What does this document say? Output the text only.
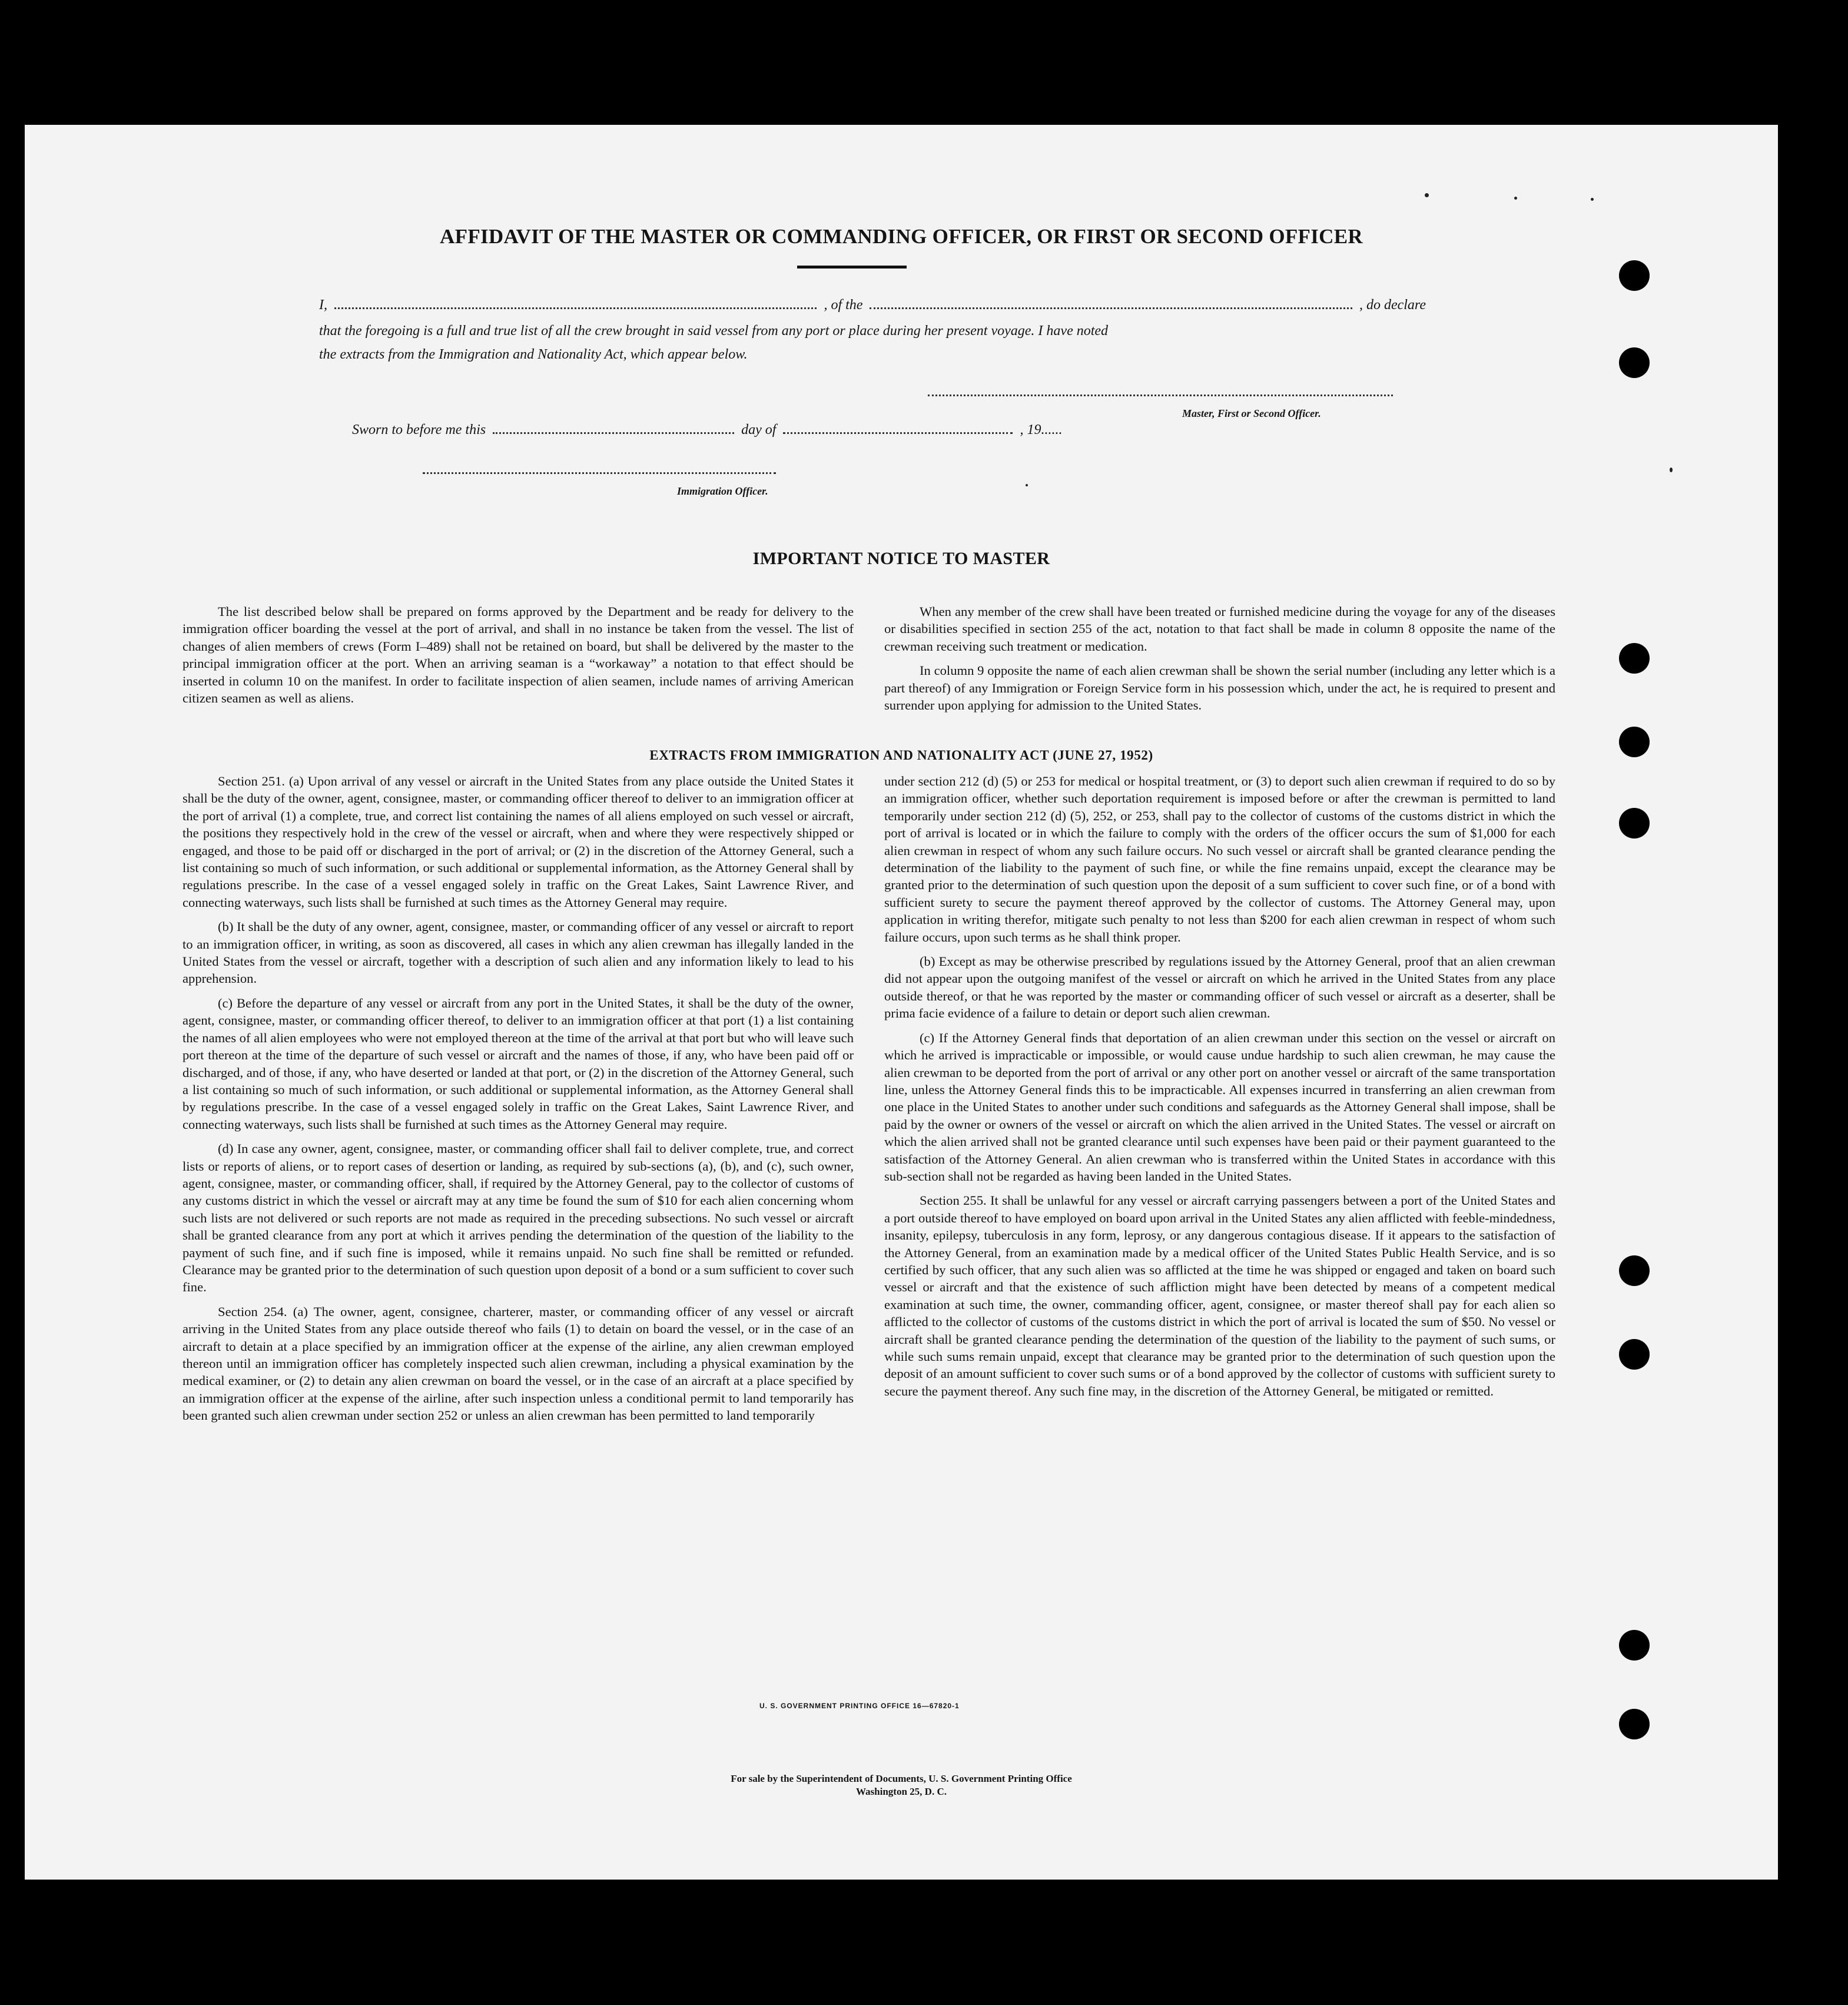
AFFIDAVIT OF THE MASTER OR COMMANDING OFFICER, OR FIRST OR SECOND OFFICER
I,	, of the	, do declare
that the foregoing is a full and true list of all the crew brought in said vessel from any port or place during her present voyage. I have noted
the extracts from the Immigration and Nationality Act, which appear below.
Master, First or Second Officer.
Sworn to before me this	day of	, 19......
Immigration Officer.
IMPORTANT NOTICE TO MASTER

The list described below shall be prepared on forms approved by the Department and be ready for delivery to the immigration officer boarding the vessel at the port of arrival, and shall in no instance be taken from the vessel. The list of changes of alien members of crews (Form I–489) shall not be retained on board, but shall be delivered by the master to the principal immigration officer at the port. When an arriving seaman is a “workaway” a notation to that effect should be inserted in column 10 on the manifest. In order to facilitate inspection of alien seamen, include names of arriving American citizen seamen as well as aliens.

When any member of the crew shall have been treated or furnished medicine during the voyage for any of the diseases or disabilities specified in section 255 of the act, notation to that fact shall be made in column 8 opposite the name of the crewman receiving such treatment or medication.

In column 9 opposite the name of each alien crewman shall be shown the serial number (including any letter which is a part thereof) of any Immigration or Foreign Service form in his possession which, under the act, he is required to present and surrender upon applying for admission to the United States.

EXTRACTS FROM IMMIGRATION AND NATIONALITY ACT (JUNE 27, 1952)

Section 251. (a) Upon arrival of any vessel or aircraft in the United States from any place outside the United States it shall be the duty of the owner, agent, consignee, master, or commanding officer thereof to deliver to an immigration officer at the port of arrival (1) a complete, true, and correct list containing the names of all aliens employed on such vessel or aircraft, the positions they respectively hold in the crew of the vessel or aircraft, when and where they were respectively shipped or engaged, and those to be paid off or discharged in the port of arrival; or (2) in the discretion of the Attorney General, such a list containing so much of such information, or such additional or supplemental information, as the Attorney General shall by regulations prescribe. In the case of a vessel engaged solely in traffic on the Great Lakes, Saint Lawrence River, and connecting waterways, such lists shall be furnished at such times as the Attorney General may require.

(b) It shall be the duty of any owner, agent, consignee, master, or commanding officer of any vessel or aircraft to report to an immigration officer, in writing, as soon as discovered, all cases in which any alien crewman has illegally landed in the United States from the vessel or aircraft, together with a description of such alien and any information likely to lead to his apprehension.

(c) Before the departure of any vessel or aircraft from any port in the United States, it shall be the duty of the owner, agent, consignee, master, or commanding officer thereof, to deliver to an immigration officer at that port (1) a list containing the names of all alien employees who were not employed thereon at the time of the arrival at that port but who will leave such port thereon at the time of the departure of such vessel or aircraft and the names of those, if any, who have been paid off or discharged, and of those, if any, who have deserted or landed at that port, or (2) in the discretion of the Attorney General, such a list containing so much of such information, or such additional or supplemental information, as the Attorney General shall by regulations prescribe. In the case of a vessel engaged solely in traffic on the Great Lakes, Saint Lawrence River, and connecting waterways, such lists shall be furnished at such times as the Attorney General may require.

(d) In case any owner, agent, consignee, master, or commanding officer shall fail to deliver complete, true, and correct lists or reports of aliens, or to report cases of desertion or landing, as required by sub-sections (a), (b), and (c), such owner, agent, consignee, master, or commanding officer, shall, if required by the Attorney General, pay to the collector of customs of any customs district in which the vessel or aircraft may at any time be found the sum of $10 for each alien concerning whom such lists are not delivered or such reports are not made as required in the preceding subsections. No such vessel or aircraft shall be granted clearance from any port at which it arrives pending the determination of the question of the liability to the payment of such fine, and if such fine is imposed, while it remains unpaid. No such fine shall be remitted or refunded. Clearance may be granted prior to the determination of such question upon deposit of a bond or a sum sufficient to cover such fine.

Section 254. (a) The owner, agent, consignee, charterer, master, or commanding officer of any vessel or aircraft arriving in the United States from any place outside thereof who fails (1) to detain on board the vessel, or in the case of an aircraft to detain at a place specified by an immigration officer at the expense of the airline, any alien crewman employed thereon until an immigration officer has completely inspected such alien crewman, including a physical examination by the medical examiner, or (2) to detain any alien crewman on board the vessel, or in the case of an aircraft at a place specified by an immigration officer at the expense of the airline, after such inspection unless a conditional permit to land temporarily has been granted such alien crewman under section 252 or unless an alien crewman has been permitted to land temporarily

under section 212 (d) (5) or 253 for medical or hospital treatment, or (3) to deport such alien crewman if required to do so by an immigration officer, whether such deportation requirement is imposed before or after the crewman is permitted to land temporarily under section 212 (d) (5), 252, or 253, shall pay to the collector of customs of the customs district in which the port of arrival is located or in which the failure to comply with the orders of the officer occurs the sum of $1,000 for each alien crewman in respect of whom any such failure occurs. No such vessel or aircraft shall be granted clearance pending the determination of the liability to the payment of such fine, or while the fine remains unpaid, except the clearance may be granted prior to the determination of such question upon the deposit of a sum sufficient to cover such fine, or of a bond with sufficient surety to secure the payment thereof approved by the collector of customs. The Attorney General may, upon application in writing therefor, mitigate such penalty to not less than $200 for each alien crewman in respect of whom such failure occurs, upon such terms as he shall think proper.

(b) Except as may be otherwise prescribed by regulations issued by the Attorney General, proof that an alien crewman did not appear upon the outgoing manifest of the vessel or aircraft on which he arrived in the United States from any place outside thereof, or that he was reported by the master or commanding officer of such vessel or aircraft as a deserter, shall be prima facie evidence of a failure to detain or deport such alien crewman.

(c) If the Attorney General finds that deportation of an alien crewman under this section on the vessel or aircraft on which he arrived is impracticable or impossible, or would cause undue hardship to such alien crewman, he may cause the alien crewman to be deported from the port of arrival or any other port on another vessel or aircraft of the same transportation line, unless the Attorney General finds this to be impracticable. All expenses incurred in transferring an alien crewman from one place in the United States to another under such conditions and safeguards as the Attorney General shall impose, shall be paid by the owner or owners of the vessel or aircraft on which the alien arrived in the United States. The vessel or aircraft on which the alien arrived shall not be granted clearance until such expenses have been paid or their payment guaranteed to the satisfaction of the Attorney General. An alien crewman who is transferred within the United States in accordance with this sub-section shall not be regarded as having been landed in the United States.

Section 255. It shall be unlawful for any vessel or aircraft carrying passengers between a port of the United States and a port outside thereof to have employed on board upon arrival in the United States any alien afflicted with feeble-mindedness, insanity, epilepsy, tuberculosis in any form, leprosy, or any dangerous contagious disease. If it appears to the satisfaction of the Attorney General, from an examination made by a medical officer of the United States Public Health Service, and is so certified by such officer, that any such alien was so afflicted at the time he was shipped or engaged and taken on board such vessel or aircraft and that the existence of such affliction might have been detected by means of a competent medical examination at such time, the owner, commanding officer, agent, consignee, or master thereof shall pay for each alien so afflicted to the collector of customs of the customs district in which the port of arrival is located the sum of $50. No vessel or aircraft shall be granted clearance pending the determination of the question of the liability to the payment of such sums, or while such sums remain unpaid, except that clearance may be granted prior to the determination of such question upon the deposit of an amount sufficient to cover such sums or of a bond approved by the collector of customs with sufficient surety to secure the payment thereof. Any such fine may, in the discretion of the Attorney General, be mitigated or remitted.

U. S. GOVERNMENT PRINTING OFFICE 16—67820-1
For sale by the Superintendent of Documents, U. S. Government Printing Office
Washington 25, D. C.
